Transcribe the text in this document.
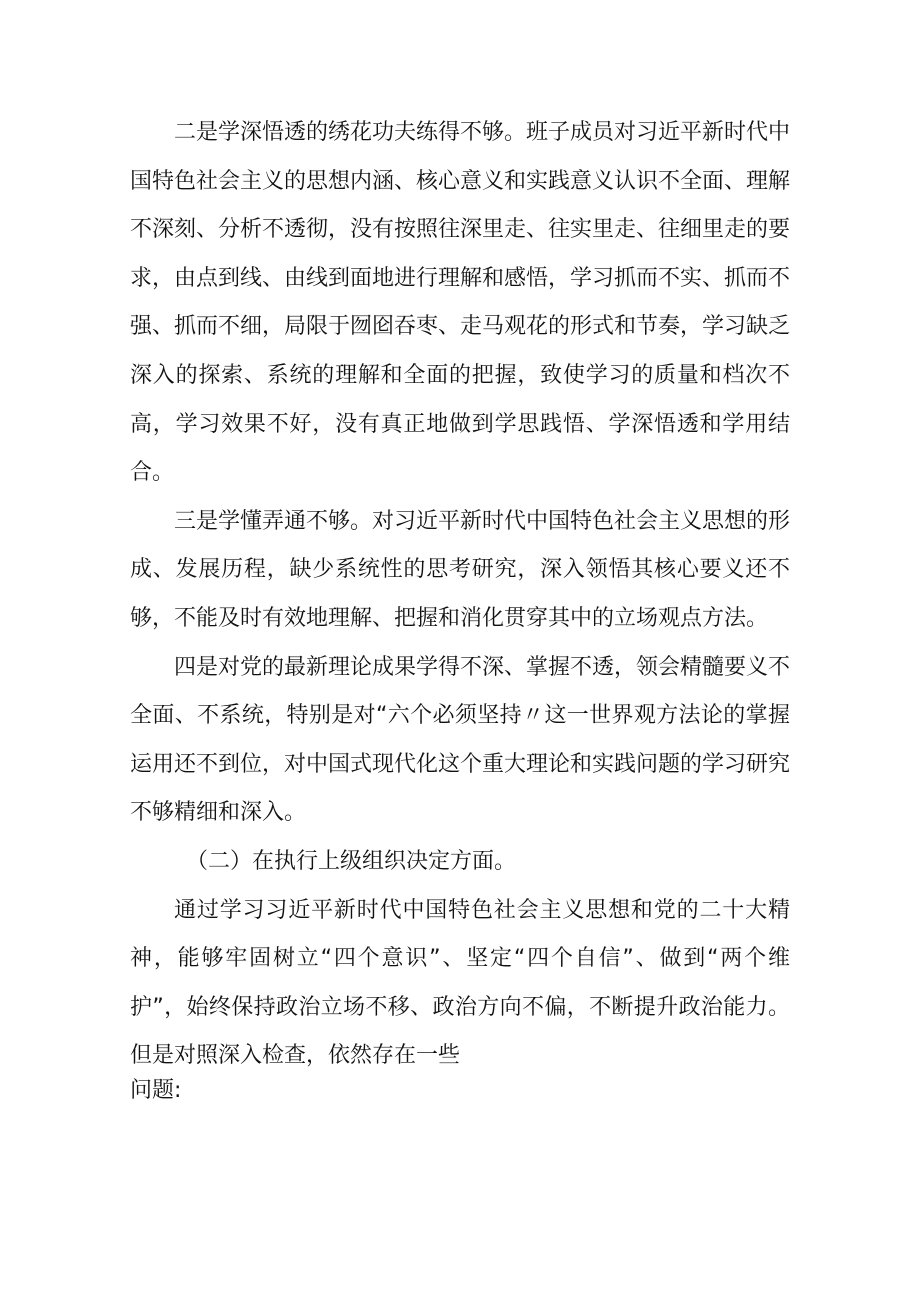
二是学深悟透的绣花功夫练得不够。班子成员对习近平新时代中国特色社会主义的思想内涵、核心意义和实践意义认识不全面、理解不深刻、分析不透彻，没有按照往深里走、往实里走、往细里走的要求，由点到线、由线到面地进行理解和感悟，学习抓而不实、抓而不强、抓而不细，局限于囫囵吞枣、走马观花的形式和节奏，学习缺乏深入的探索、系统的理解和全面的把握，致使学习的质量和档次不高，学习效果不好，没有真正地做到学思践悟、学深悟透和学用结合。

三是学懂弄通不够。对习近平新时代中国特色社会主义思想的形成、发展历程，缺少系统性的思考研究，深入领悟其核心要义还不够，不能及时有效地理解、把握和消化贯穿其中的立场观点方法。

四是对党的最新理论成果学得不深、掌握不透，领会精髓要义不全面、不系统，特别是对“六个必须坚持〃这一世界观方法论的掌握运用还不到位，对中国式现代化这个重大理论和实践问题的学习研究不够精细和深入。

（二）在执行上级组织决定方面。

通过学习习近平新时代中国特色社会主义思想和党的二十大精神，能够牢固树立“四个意识”、坚定“四个自信”、做到“两个维护”，始终保持政治立场不移、政治方向不偏，不断提升政治能力。但是对照深入检查，依然存在一些

问题:
